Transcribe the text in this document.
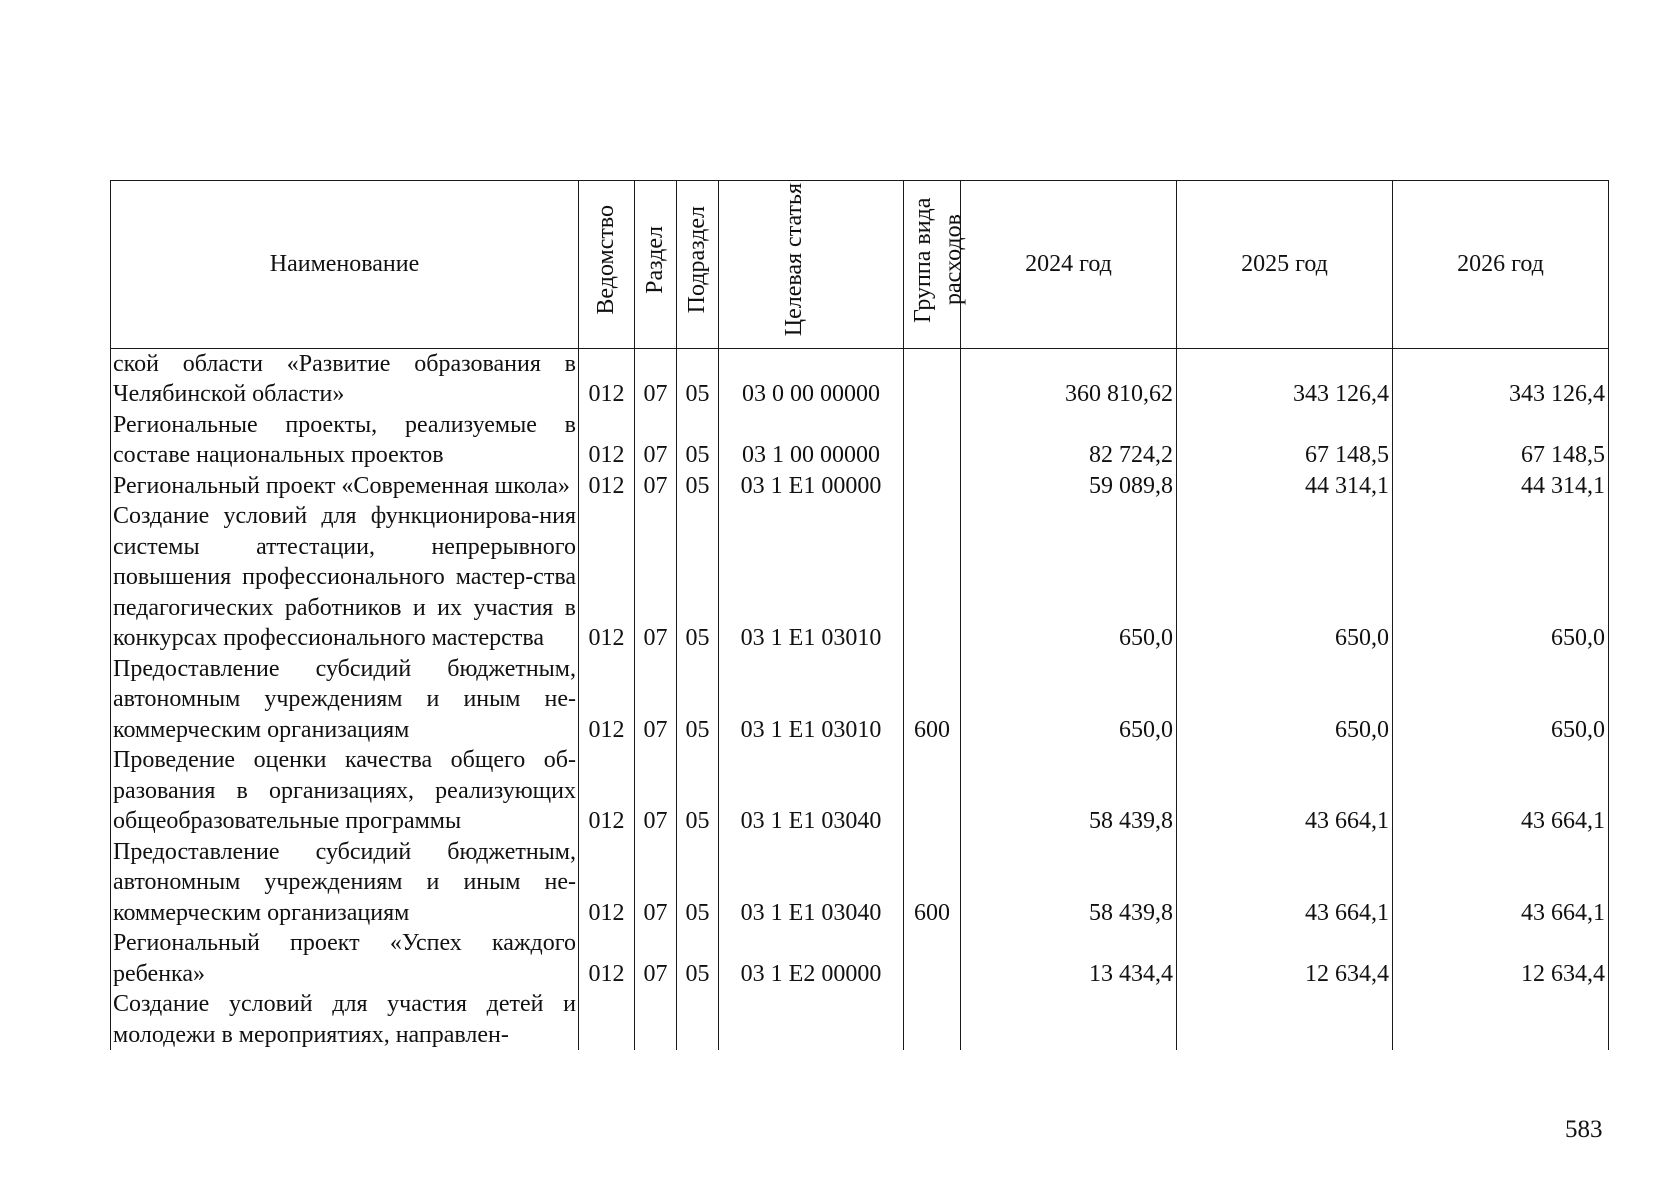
Наименование	Ведомство	Раздел	Подраздел	Целевая статья	Группа вида расходов	2024 год	2025 год	2026 год
ской области «Развитие образования в Челябинской области»	012	07	05	03 0 00 00000		360 810,62	343 126,4	343 126,4
Региональные проекты, реализуемые в составе национальных проектов	012	07	05	03 1 00 00000		82 724,2	67 148,5	67 148,5
Региональный проект «Современная школа»	012	07	05	03 1 Е1 00000		59 089,8	44 314,1	44 314,1
Создание условий для функционирова-ния системы аттестации, непрерывного повышения профессионального мастер-ства педагогических работников и их участия в конкурсах профессионального мастерства	012	07	05	03 1 Е1 03010		650,0	650,0	650,0
Предоставление субсидий бюджетным, автономным учреждениям и иным не-коммерческим организациям	012	07	05	03 1 Е1 03010	600	650,0	650,0	650,0
Проведение оценки качества общего об-разования в организациях, реализующих общеобразовательные программы	012	07	05	03 1 Е1 03040		58 439,8	43 664,1	43 664,1
Предоставление субсидий бюджетным, автономным учреждениям и иным не-коммерческим организациям	012	07	05	03 1 Е1 03040	600	58 439,8	43 664,1	43 664,1
Региональный проект «Успех каждого ребенка»	012	07	05	03 1 Е2 00000		13 434,4	12 634,4	12 634,4
Создание условий для участия детей и молодежи в мероприятиях, направлен-								
583
